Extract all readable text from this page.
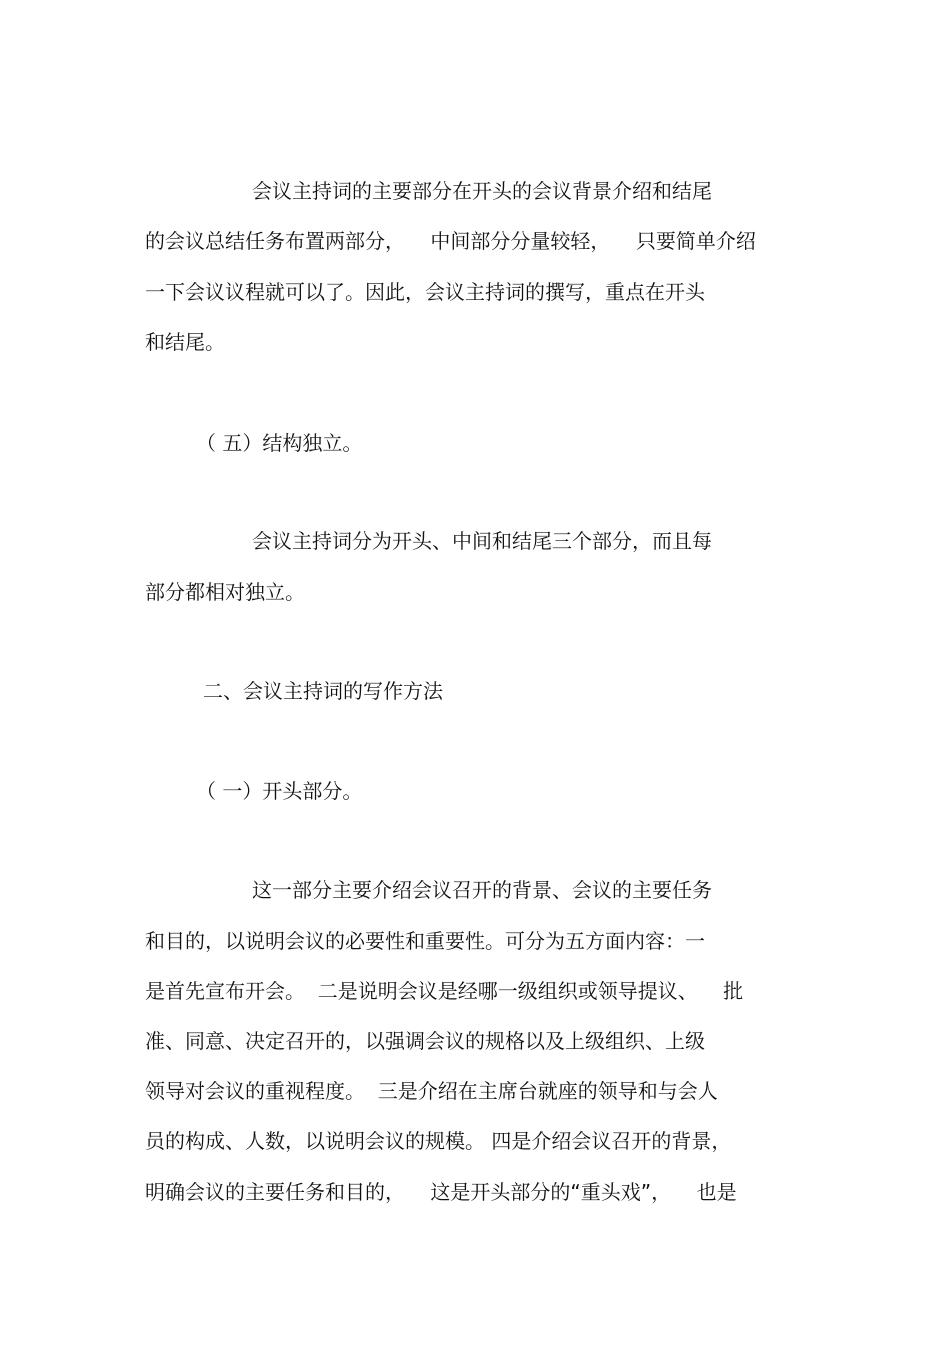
会议主持词的主要部分在开头的会议背景介绍和结尾
的会议总结任务布置两部分，    中间部分分量较轻，    只要简单介绍
一下会议议程就可以了。因此，会议主持词的撰写，重点在开头
和结尾。
（ 五）结构独立。
会议主持词分为开头、中间和结尾三个部分，而且每
部分都相对独立。
二、会议主持词的写作方法
（ 一）开头部分。
这一部分主要介绍会议召开的背景、会议的主要任务
和目的，以说明会议的必要性和重要性。可分为五方面内容：一
是首先宣布开会。  二是说明会议是经哪一级组织或领导提议、    批
准、同意、决定召开的，以强调会议的规格以及上级组织、上级
领导对会议的重视程度。  三是介绍在主席台就座的领导和与会人
员的构成、人数，以说明会议的规模。 四是介绍会议召开的背景，
明确会议的主要任务和目的，    这是开头部分的“重头戏”，    也是
